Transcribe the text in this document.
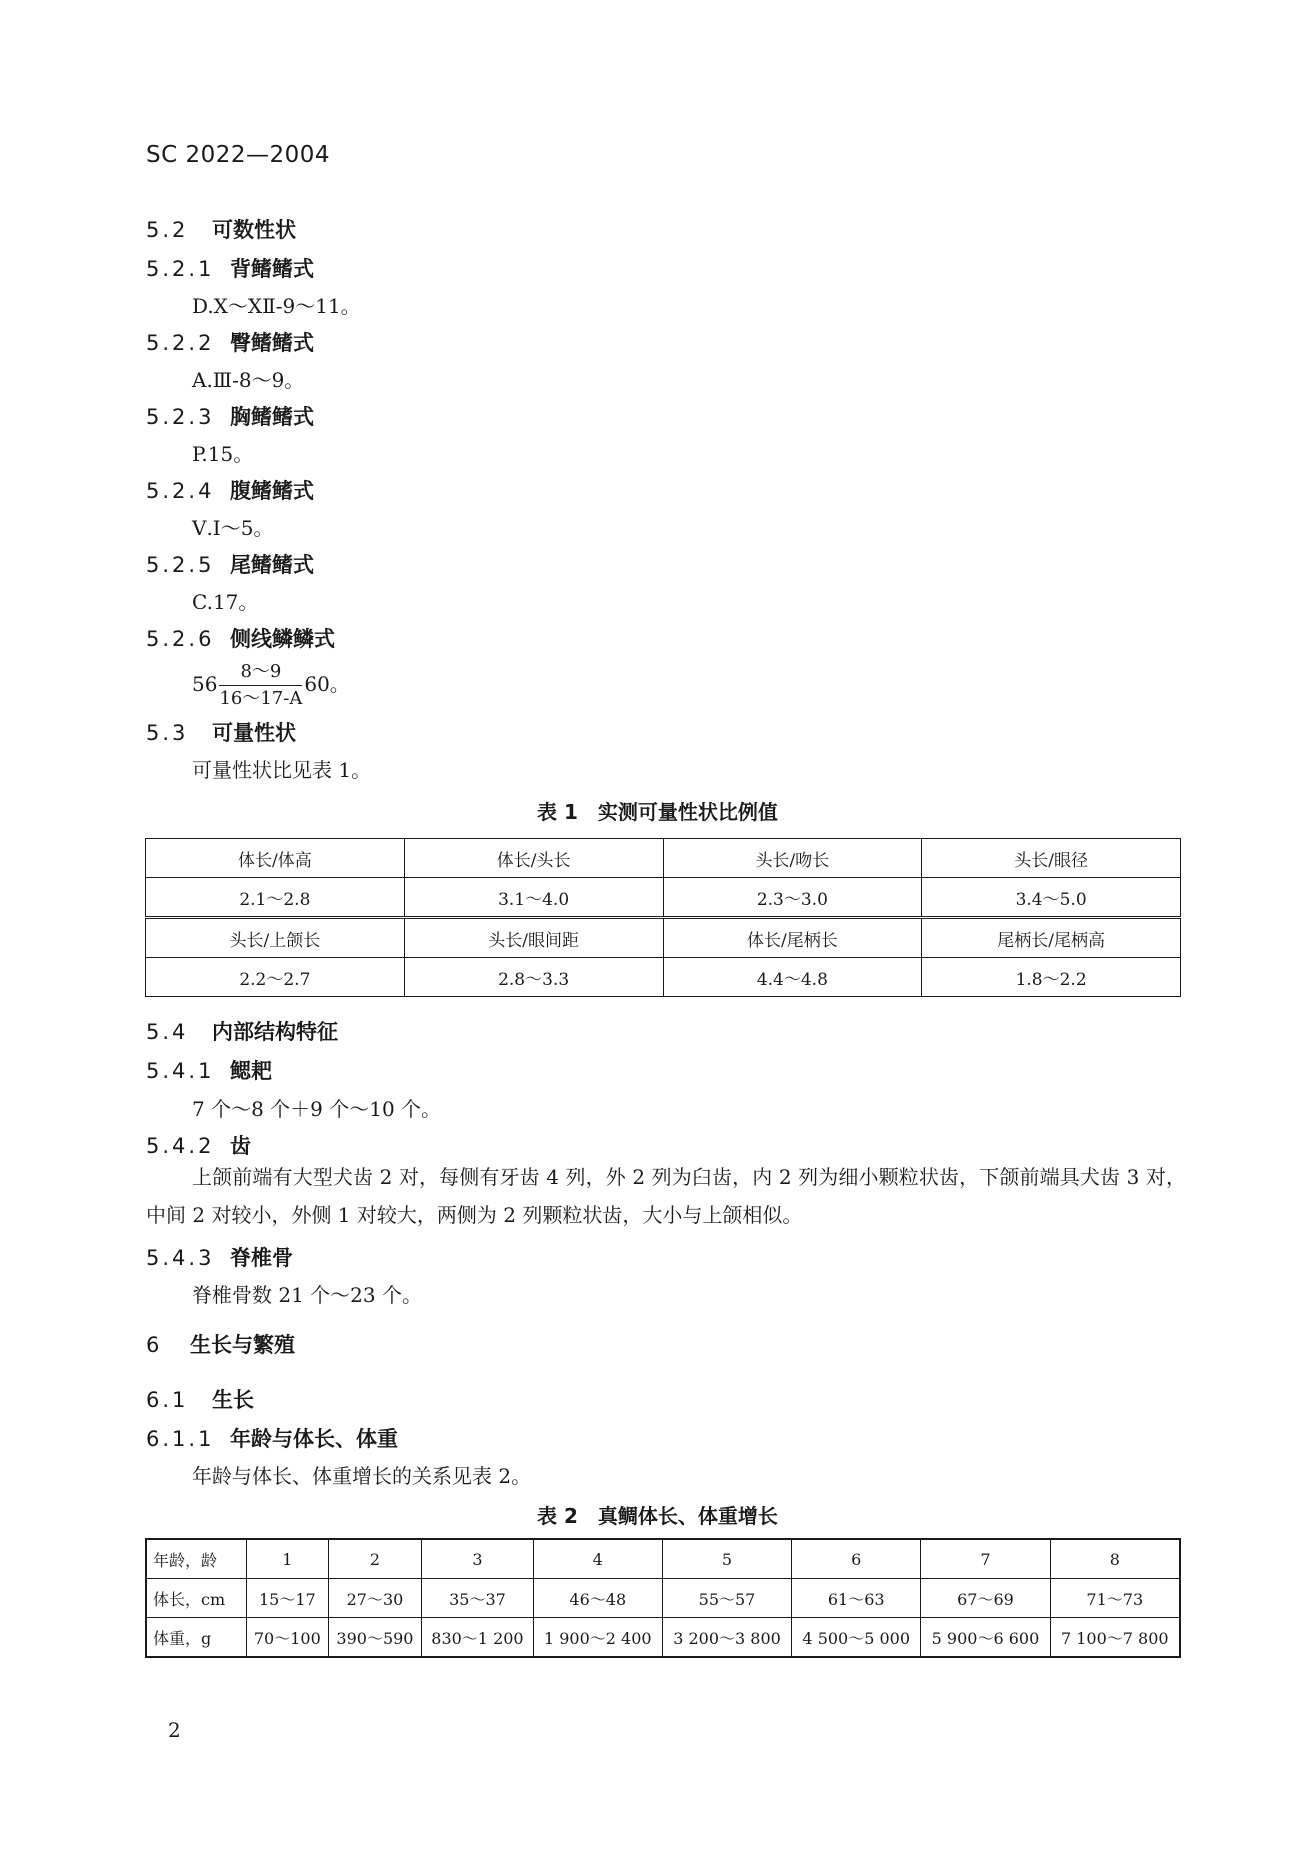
SC 2022—2004
5.2 可数性状
5.2.1 背鳍鳍式
D.Ⅹ～ⅩⅡ-9～11。
5.2.2 臀鳍鳍式
A.Ⅲ-8～9。
5.2.3 胸鳍鳍式
P.15。
5.2.4 腹鳍鳍式
Ⅴ.Ⅰ～5。
5.2.5 尾鳍鳍式
C.17。
5.2.6 侧线鳞鳞式
$56 \frac{8\sim 9}{16\sim 17-A} 60$。
5.3 可量性状
可量性状比见表 1。
表 1　实测可量性状比例值
体长/体高	体长/头长	头长/吻长	头长/眼径
2.1～2.8	3.1～4.0	2.3～3.0	3.4～5.0
头长/上颌长	头长/眼间距	体长/尾柄长	尾柄长/尾柄高
2.2～2.7	2.8～3.3	4.4～4.8	1.8～2.2
5.4 内部结构特征
5.4.1 鳃耙
7 个～8 个＋9 个～10 个。
5.4.2 齿
上颌前端有大型犬齿 2 对，每侧有牙齿 4 列，外 2 列为臼齿，内 2 列为细小颗粒状齿，下颌前端具犬齿 3 对，中间 2 对较小，外侧 1 对较大，两侧为 2 列颗粒状齿，大小与上颌相似。
5.4.3 脊椎骨
脊椎骨数 21 个～23 个。
6 生长与繁殖
6.1 生长
6.1.1 年龄与体长、体重
年龄与体长、体重增长的关系见表 2。
表 2　真鲷体长、体重增长
年龄，龄	1	2	3	4	5	6	7	8
体长，cm	15～17	27～30	35～37	46～48	55～57	61～63	67～69	71～73
体重，g	70～100	390～590	830～1 200	1 900～2 400	3 200～3 800	4 500～5 000	5 900～6 600	7 100～7 800
2
